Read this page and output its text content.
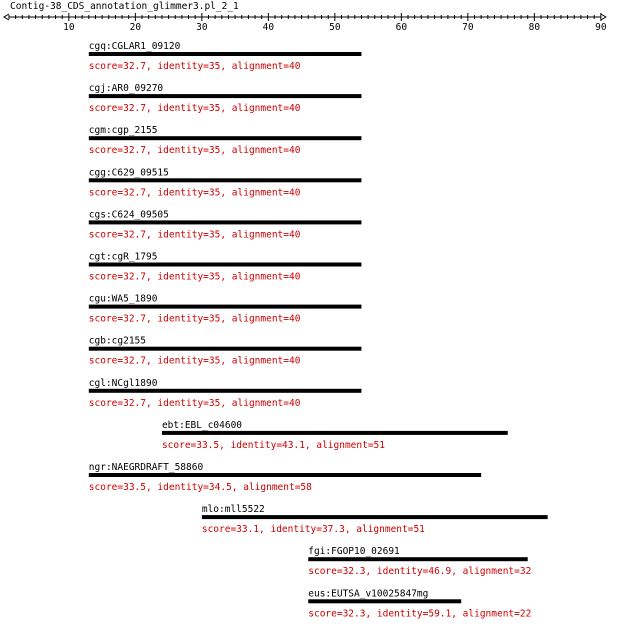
Contig-38_CDS_annotation_glimmer3.pl_2_1
10	20	30	40	50	60	70	80	90
cgq:CGLAR1_09120
score=32.7, identity=35, alignment=40
cgj:AR0_09270
score=32.7, identity=35, alignment=40
cgm:cgp_2155
score=32.7, identity=35, alignment=40
cgg:C629_09515
score=32.7, identity=35, alignment=40
cgs:C624_09505
score=32.7, identity=35, alignment=40
cgt:cgR_1795
score=32.7, identity=35, alignment=40
cgu:WA5_1890
score=32.7, identity=35, alignment=40
cgb:cg2155
score=32.7, identity=35, alignment=40
cgl:NCgl1890
score=32.7, identity=35, alignment=40
ebt:EBL_c04600
score=33.5, identity=43.1, alignment=51
ngr:NAEGRDRAFT_58860
score=33.5, identity=34.5, alignment=58
mlo:mll5522
score=33.1, identity=37.3, alignment=51
fgi:FGOP10_02691
score=32.3, identity=46.9, alignment=32
eus:EUTSA_v10025847mg
score=32.3, identity=59.1, alignment=22
